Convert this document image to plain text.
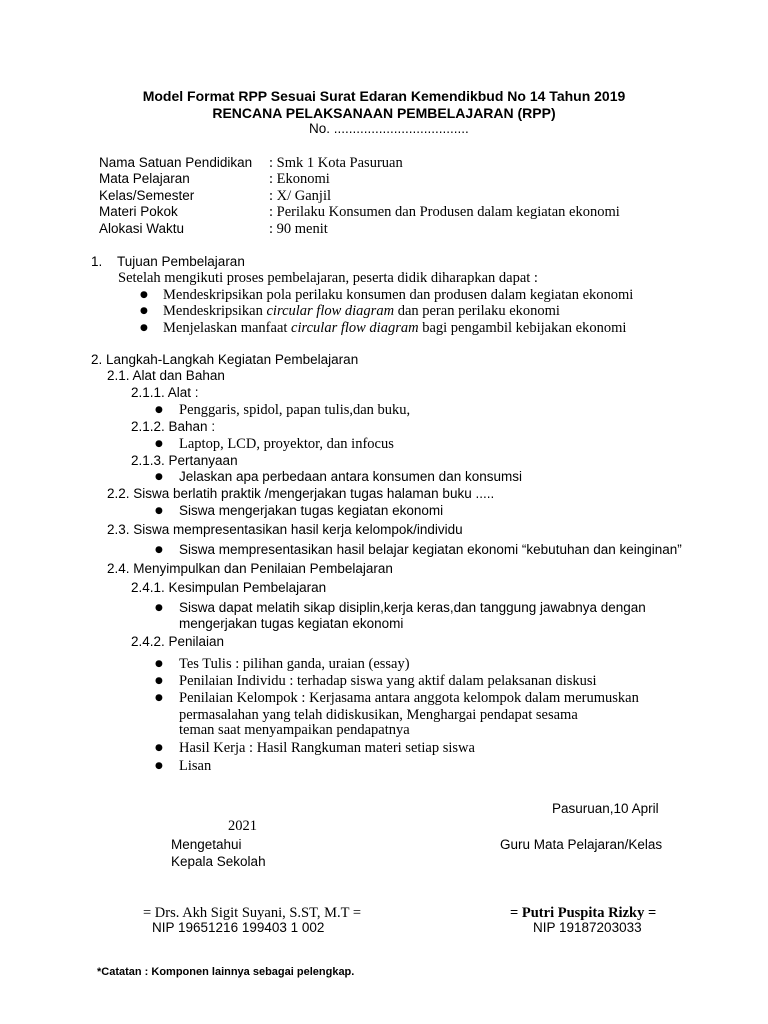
Model Format RPP Sesuai Surat Edaran Kemendikbud No 14 Tahun 2019
RENCANA PELAKSANAAN PEMBELAJARAN (RPP)
No. ....................................
Nama Satuan Pendidikan : Smk 1 Kota Pasuruan
Mata Pelajaran	: Ekonomi
Kelas/Semester	: X/ Ganjil
Materi Pokok	: Perilaku Konsumen dan Produsen dalam kegiatan ekonomi
Alokasi Waktu	: 90 menit
1. Tujuan Pembelajaran
Setelah mengikuti proses pembelajaran, peserta didik diharapkan dapat :
●
Mendeskripsikan pola perilaku konsumen dan produsen dalam kegiatan ekonomi
●
Mendeskripsikan circular flow diagram dan peran perilaku ekonomi
●
Menjelaskan manfaat circular flow diagram bagi pengambil kebijakan ekonomi
2. Langkah-Langkah Kegiatan Pembelajaran
2.1. Alat dan Bahan
2.1.1. Alat :
●
Penggaris, spidol, papan tulis,dan buku,
2.1.2. Bahan :
●
Laptop, LCD, proyektor, dan infocus
2.1.3. Pertanyaan
●
Jelaskan apa perbedaan antara konsumen dan konsumsi
2.2. Siswa berlatih praktik /mengerjakan tugas halaman buku .....
●
Siswa mengerjakan tugas kegiatan ekonomi
2.3. Siswa mempresentasikan hasil kerja kelompok/individu
●
Siswa mempresentasikan hasil belajar kegiatan ekonomi “kebutuhan dan keinginan”
2.4. Menyimpulkan dan Penilaian Pembelajaran
2.4.1. Kesimpulan Pembelajaran
●
Siswa dapat melatih sikap disiplin,kerja keras,dan tanggung jawabnya dengan
mengerjakan tugas kegiatan ekonomi
2.4.2. Penilaian
●
Tes Tulis : pilihan ganda, uraian (essay)
●
Penilaian Individu : terhadap siswa yang aktif dalam pelaksanan diskusi
●
Penilaian Kelompok : Kerjasama antara anggota kelompok dalam merumuskan
permasalahan yang telah didiskusikan, Menghargai pendapat sesama
teman saat menyampaikan pendapatnya
●
Hasil Kerja : Hasil Rangkuman materi setiap siswa
●
Lisan
Pasuruan,10 April
2021
Mengetahui	Guru Mata Pelajaran/Kelas
Kepala Sekolah
= Drs. Akh Sigit Suyani, S.ST, M.T =	= Putri Puspita Rizky =
NIP 19651216 199403 1 002	NIP 19187203033
*Catatan : Komponen lainnya sebagai pelengkap.
